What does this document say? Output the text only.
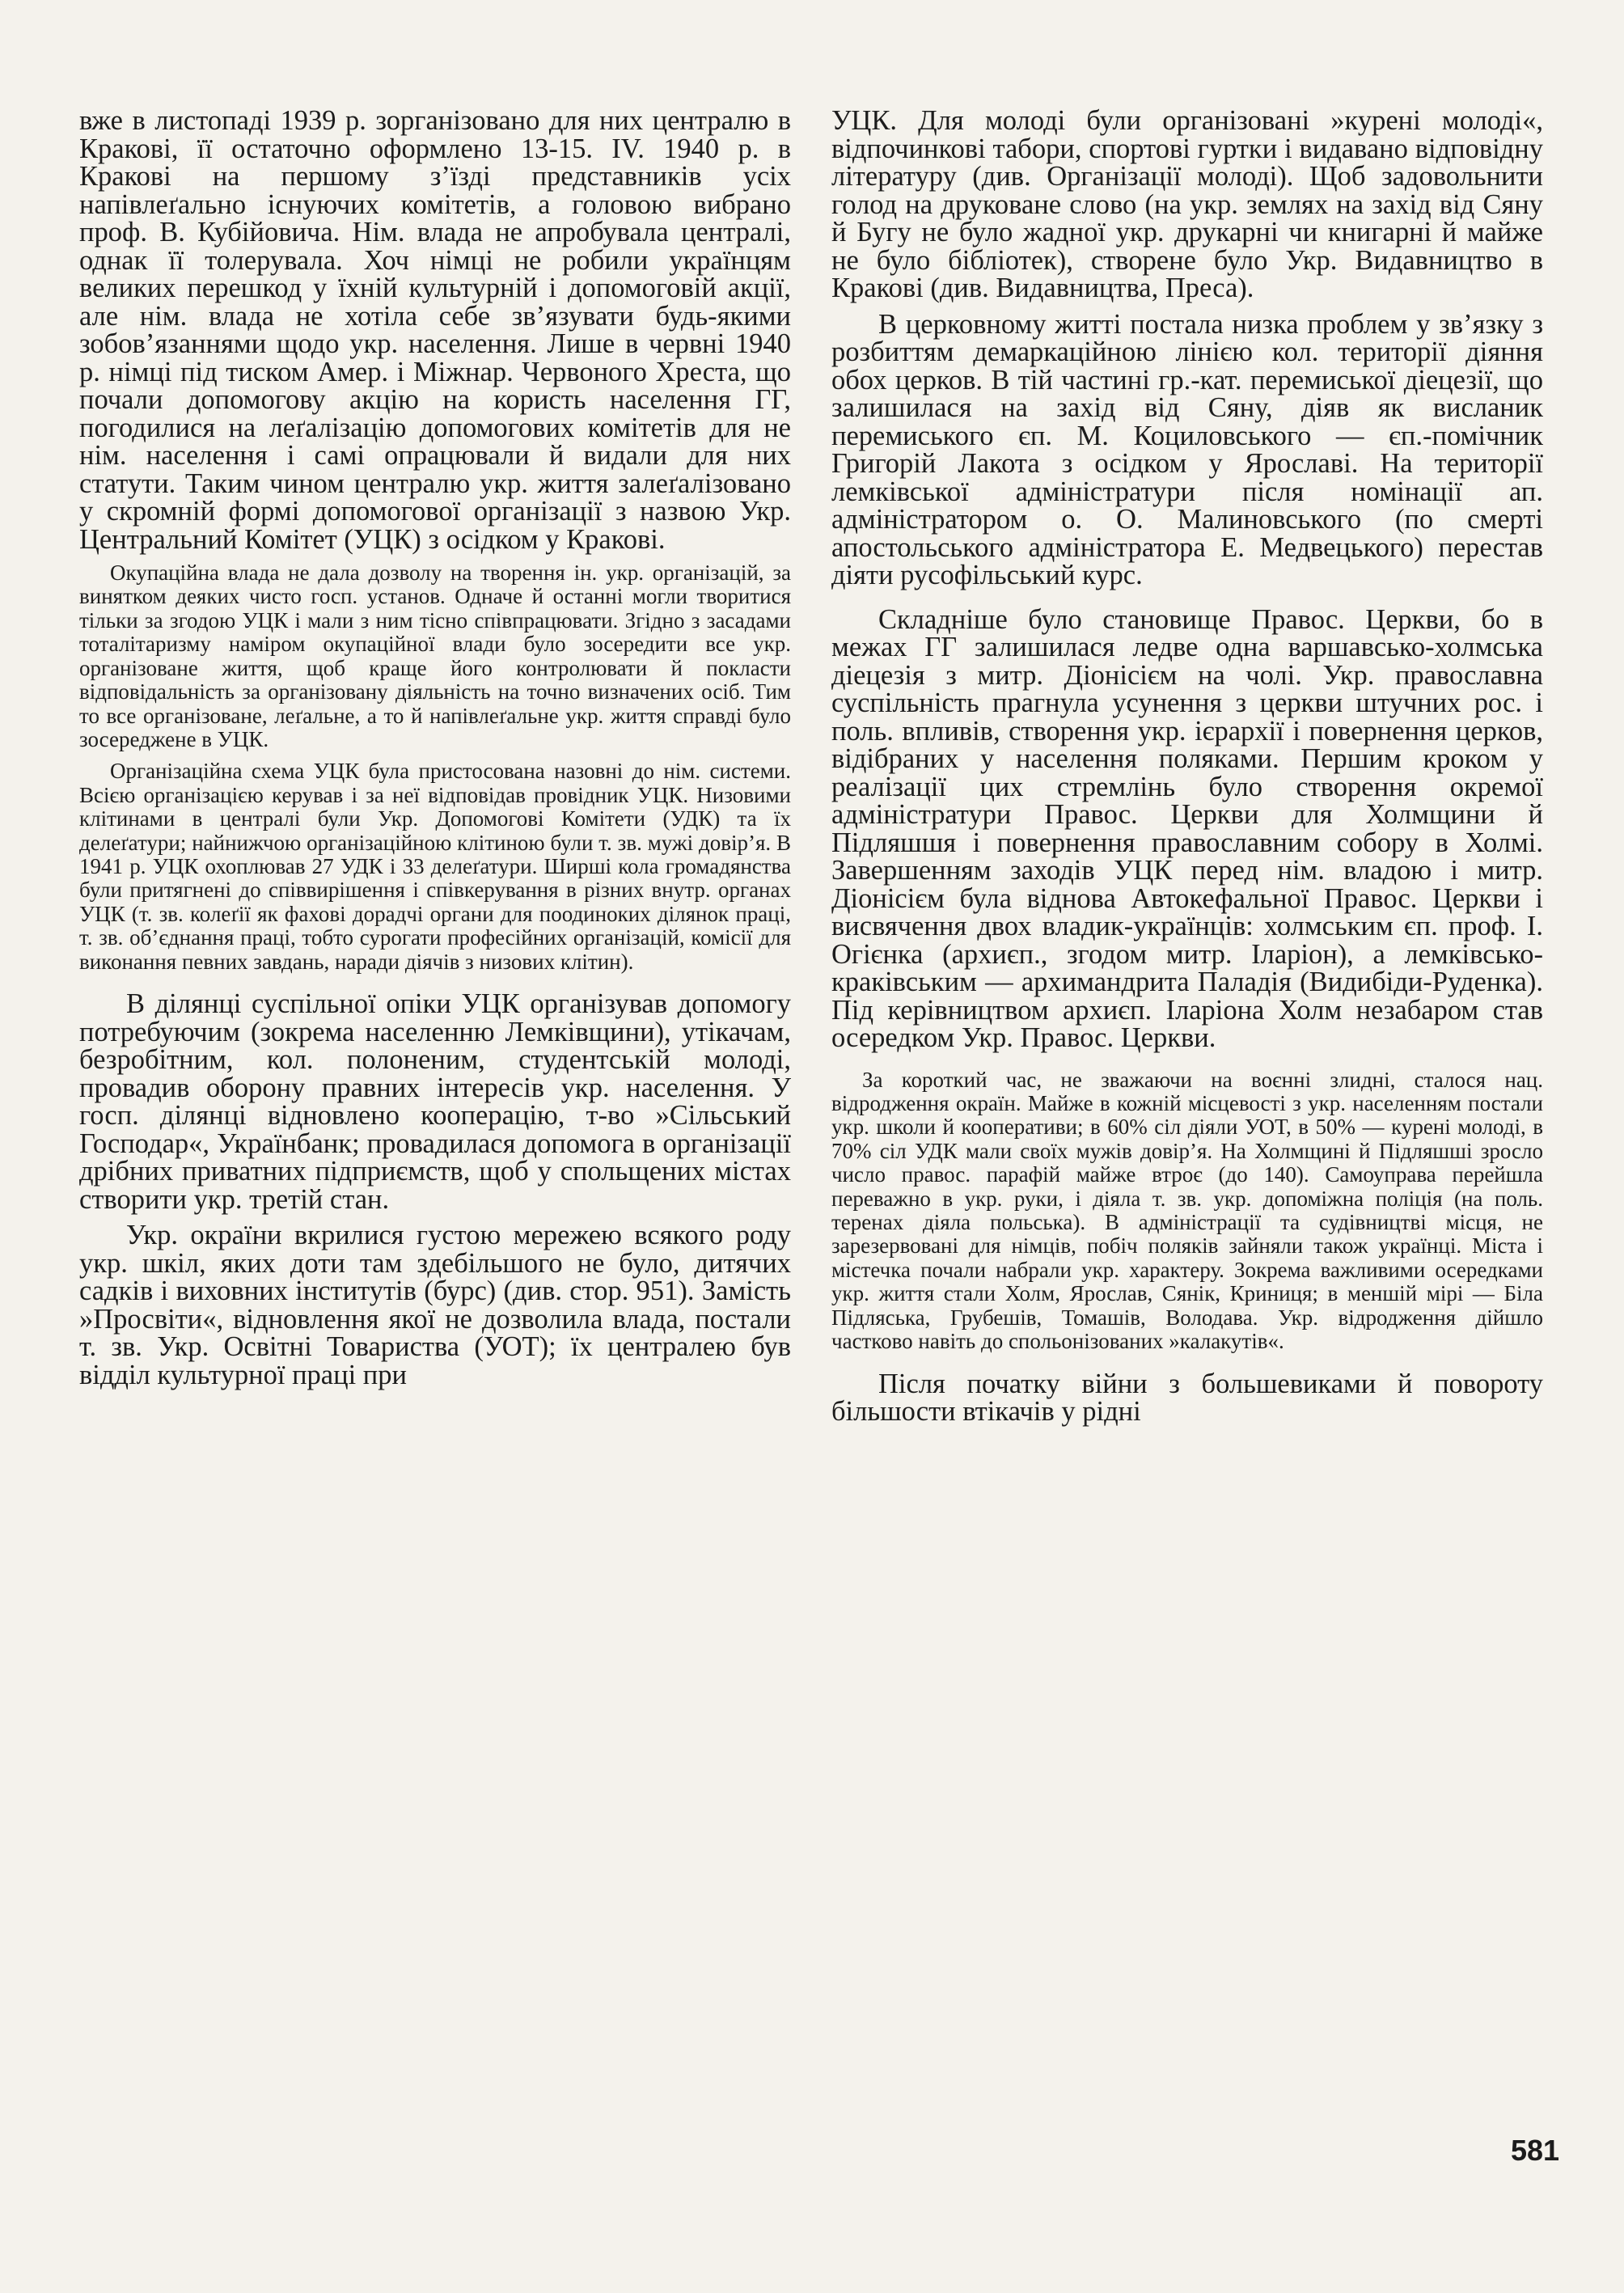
вже в листопаді 1939 р. зорганізовано для них централю в Кракові, її остаточно оформлено 13-15. IV. 1940 р. в Кракові на першому з’їзді представників усіх напівлеґально існуючих комітетів, а головою вибрано проф. В. Кубійовича. Нім. влада не апробувала централі, однак її толерувала. Хоч німці не робили українцям великих перешкод у їхній культурній і допомоговій акції, але нім. влада не хотіла себе зв’язувати будь-якими зобов’язаннями щодо укр. населення. Лише в червні 1940 р. німці під тиском Амер. і Міжнар. Червоного Хреста, що почали допомогову акцію на користь населення ГГ, погодилися на леґалізацію допомогових комітетів для не нім. населення і самі опрацювали й видали для них статути. Таким чином централю укр. життя залеґалізовано у скромній формі допомогової організації з назвою Укр. Центральний Комітет (УЦК) з осідком у Кракові.

Окупаційна влада не дала дозволу на творення ін. укр. організацій, за винятком деяких чисто госп. установ. Одначе й останні могли творитися тільки за згодою УЦК і мали з ним тісно співпрацювати. Згідно з засадами тоталітаризму наміром окупаційної влади було зосередити все укр. організоване життя, щоб краще його контролювати й покласти відповідальність за організовану діяльність на точно визначених осіб. Тим то все організоване, леґальне, а то й напівлеґальне укр. життя справді було зосереджене в УЦК.

Організаційна схема УЦК була пристосована назовні до нім. системи. Всією організацією керував і за неї відповідав провідник УЦК. Низовими клітинами в централі були Укр. Допомогові Комітети (УДК) та їх делеґатури; найнижчою організаційною клітиною були т. зв. мужі довір’я. В 1941 р. УЦК охоплював 27 УДК і 33 делеґатури. Ширші кола громадянства були притягнені до співвирішення і співкерування в різних внутр. органах УЦК (т. зв. колеґії як фахові дорадчі органи для поодиноких ділянок праці, т. зв. об’єднання праці, тобто сурогати професійних організацій, комісії для виконання певних завдань, наради діячів з низових клітин).

В ділянці суспільної опіки УЦК організував допомогу потребуючим (зокрема населенню Лемківщини), утікачам, безробітним, кол. полоненим, студентській молоді, провадив оборону правних інтересів укр. населення. У госп. ділянці відновлено кооперацію, т-во »Сільський Господар«, Укрaїнбанк; провадилася допомога в організації дрібних приватних підприємств, щоб у спольщених містах створити укр. третій стан.

Укр. окраїни вкрилися густою мережею всякого роду укр. шкіл, яких доти там здебільшого не було, дитячих садків і виховних інститутів (бурс) (див. стор. 951). Замість »Просвіти«, відновлення якої не дозволила влада, постали т. зв. Укр. Освітні Товариства (УОТ); їх централею був відділ культурної праці при

УЦК. Для молоді були організовані »курені молоді«, відпочинкові табори, спортові гуртки і видавано відповідну літературу (див. Організації молоді). Щоб задовольнити голод на друковане слово (на укр. землях на захід від Сяну й Бугу не було жадної укр. друкарні чи книгарні й майже не було бібліотек), створене було Укр. Видавництво в Кракові (див. Видавництва, Преса).

В церковному житті постала низка проблем у зв’язку з розбиттям демаркаційною лінією кол. території діяння обох церков. В тій частині гр.-кат. перемиської діецезії, що залишилася на захід від Сяну, діяв як висланик перемиського єп. М. Коциловського — єп.-помічник Григорій Лакота з осідком у Ярославі. На території лемківської адміністратури після номінації ап. адміністратором о. О. Малиновського (по смерті апостольського адміністратора Е. Медвецького) перестав діяти русофільський курс.

Складніше було становище Правос. Церкви, бо в межах ГГ залишилася ледве одна варшавсько-холмська діецезія з митр. Діонісієм на чолі. Укр. православна суспільність прагнула усунення з церкви штучних рос. і поль. впливів, створення укр. ієрархії і повернення церков, відібраних у населення поляками. Першим кроком у реалізації цих стремлінь було створення окремої адміністратури Правос. Церкви для Холмщини й Підляшшя і повернення православним собору в Холмі. Завершенням заходів УЦК перед нім. владою і митр. Діонісієм була віднова Автокефальної Правос. Церкви і висвячення двох владик-українців: холмським єп. проф. І. Огієнка (архиєп., згодом митр. Іларіон), а лемківсько-краківським — архимандрита Паладія (Видибіди-Руденка). Під керівництвом архиєп. Іларіона Холм незабаром став осередком Укр. Правос. Церкви.

За короткий час, не зважаючи на воєнні злидні, сталося нац. відродження окраїн. Майже в кожній місцевості з укр. населенням постали укр. школи й кооперативи; в 60% сіл діяли УОТ, в 50% — курені молоді, в 70% сіл УДК мали своїх мужів довір’я. На Холмщині й Підляшші зросло число правос. парафій майже втроє (до 140). Самоуправа перейшла переважно в укр. руки, і діяла т. зв. укр. допоміжна поліція (на поль. теренах діяла польська). В адміністрації та судівництві місця, не зарезервовані для німців, побіч поляків зайняли також українці. Міста і містечка почали набрали укр. характеру. Зокрема важливими осередками укр. життя стали Холм, Ярослав, Сянік, Криниця; в меншій мірі — Біла Підляська, Грубешів, Томашів, Володава. Укр. відродження дійшло частково навіть до спольонізованих »калакутів«.

Після початку війни з большевиками й повороту більшости втікачів у рідні

581
